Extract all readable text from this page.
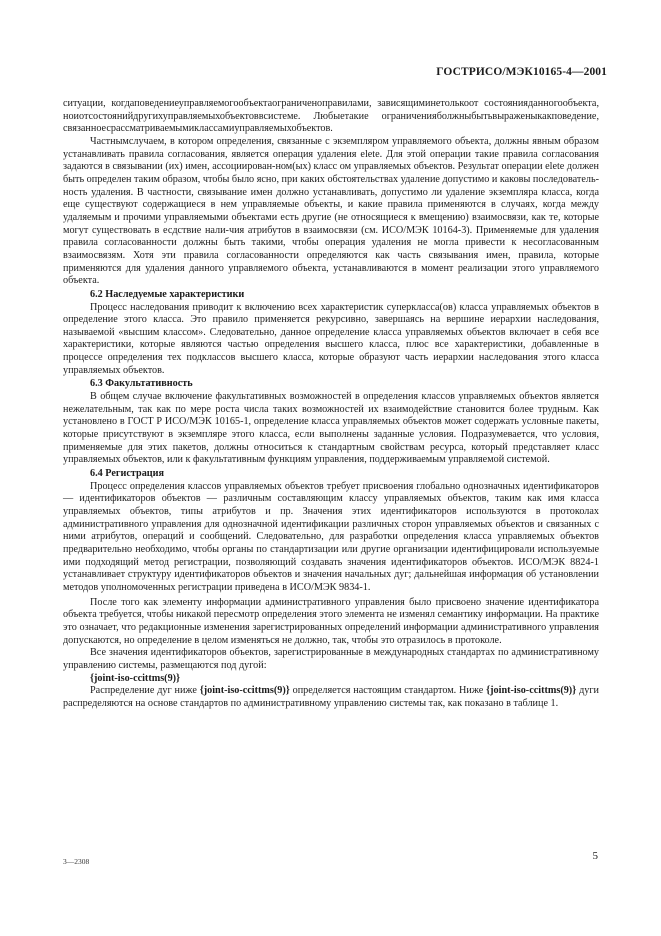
ГОСТРИСО/МЭК10165-4—2001

ситуации, когдаповедениеуправляемогообъектаограниченоправилами, зависящиминетолькоот состоянияданногообъекта, ноиотсостоянийдругихуправляемыхобъектоввсистеме. Любыетакие ограниченияболжныбытьвыраженыкакповедение, связанноесрассматриваемымиклассамиуправляемыхобъектов.

Частнымслучаем, в котором определения, связанные с экземпляром управляемого объекта, должны явным образом устанавливать правила согласования, является операция удаления elete. Для этой операции такие правила согласования задаются в связывании (их) имен, ассоциирован-ном(ых) класс ом управляемых объектов. Результат операции elete должен быть определен таким образом, чтобы было ясно, при каких обстоятельствах удаление допустимо и каковы последователь-ность удаления. В частности, связывание имен должно устанавливать, допустимо ли удаление экземпляра класса, когда еще существуют содержащиеся в нем управляемые объекты, и какие правила применяются в случаях, когда между удаляемым и прочими управляемыми объектами есть другие (не относящиеся к вмещению) взаимосвязи, как те, которые могут существовать в есдствие нали-чия атрибутов в взаимосвязи (см. ИСО/МЭК 10164-3). Применяемые для удаления правила согласованности должны быть такими, чтобы операция удаления не могла привести к несогласованным взаимосвязям. Хотя эти правила согласованности определяются как часть связывания имен, правила, которые применяются для удаления данного управляемого объекта, устанавливаются в момент реализации этого управляемого объекта.

6.2 Наследуемые характеристики

Процесс наследования приводит к включению всех характеристик суперкласса(ов) класса управляемых объектов в определение этого класса. Это правило применяется рекурсивно, завершаясь на вершине иерархии наследования, называемой «высшим классом». Следовательно, данное определение класса управляемых объектов включает в себя все характеристики, которые являются частью определения высшего класса, плюс все характеристики, добавленные в процессе определения тех подклассов высшего класса, которые образуют часть иерархии наследования этого класса управляемых объектов.

6.3 Факультативность

В общем случае включение факультативных возможностей в определения классов управляемых объектов является нежелательным, так как по мере роста числа таких возможностей их взаимодействие становится более трудным. Как установлено в ГОСТ Р ИСО/МЭК 10165-1, определение класса управляемых объектов может содержать условные пакеты, которые присутствуют в экземпляре этого класса, если выполнены заданные условия. Подразумевается, что условия, применяемые для этих пакетов, должны относиться к стандартным свойствам ресурса, который представляет класс управляемых объектов, или к факультативным функциям управления, поддерживаемым управляемой системой.

6.4 Регистрация

Процесс определения классов управляемых объектов требует присвоения глобально однозначных идентификаторов — идентификаторов объектов — различным составляющим классу управляемых объектов, таким как имя класса управляемых объектов, типы атрибутов и пр. Значения этих идентификаторов используются в протоколах административного управления для однозначной идентификации различных сторон управляемых объектов и связанных с ними атрибутов, операций и сообщений. Следовательно, для разработки определения класса управляемых объектов предварительно необходимо, чтобы органы по стандартизации или другие организации идентифицировали используемые ими подходящий метод регистрации, позволяющий создавать значения идентификаторов объектов. ИСО/МЭК 8824-1 устанавливает структуру идентификаторов объектов и значения начальных дуг; дальнейшая информация об установлении методов уполномоченных регистрации приведена в ИСО/МЭК 9834-1.

После того как элементу информации административного управления было присвоено значение идентификатора объекта требуется, чтобы никакой пересмотр определения этого элемента не изменял семантику информации. На практике это означает, что редакционные изменения зарегистрированных определений информации административного управления допускаются, но определение в целом изменяться не должно, так, чтобы это отразилось в протоколе.

Все значения идентификаторов объектов, зарегистрированные в международных стандартах по административному управлению системы, размещаются под дугой:

{joint-iso-ccittms(9)}

Распределение дуг ниже {joint-iso-ccittms(9)} определяется настоящим стандартом. Ниже {joint-iso-ccittms(9)} дуги распределяются на основе стандартов по административному управлению системы так, как показано в таблице 1.

3—2308	5
